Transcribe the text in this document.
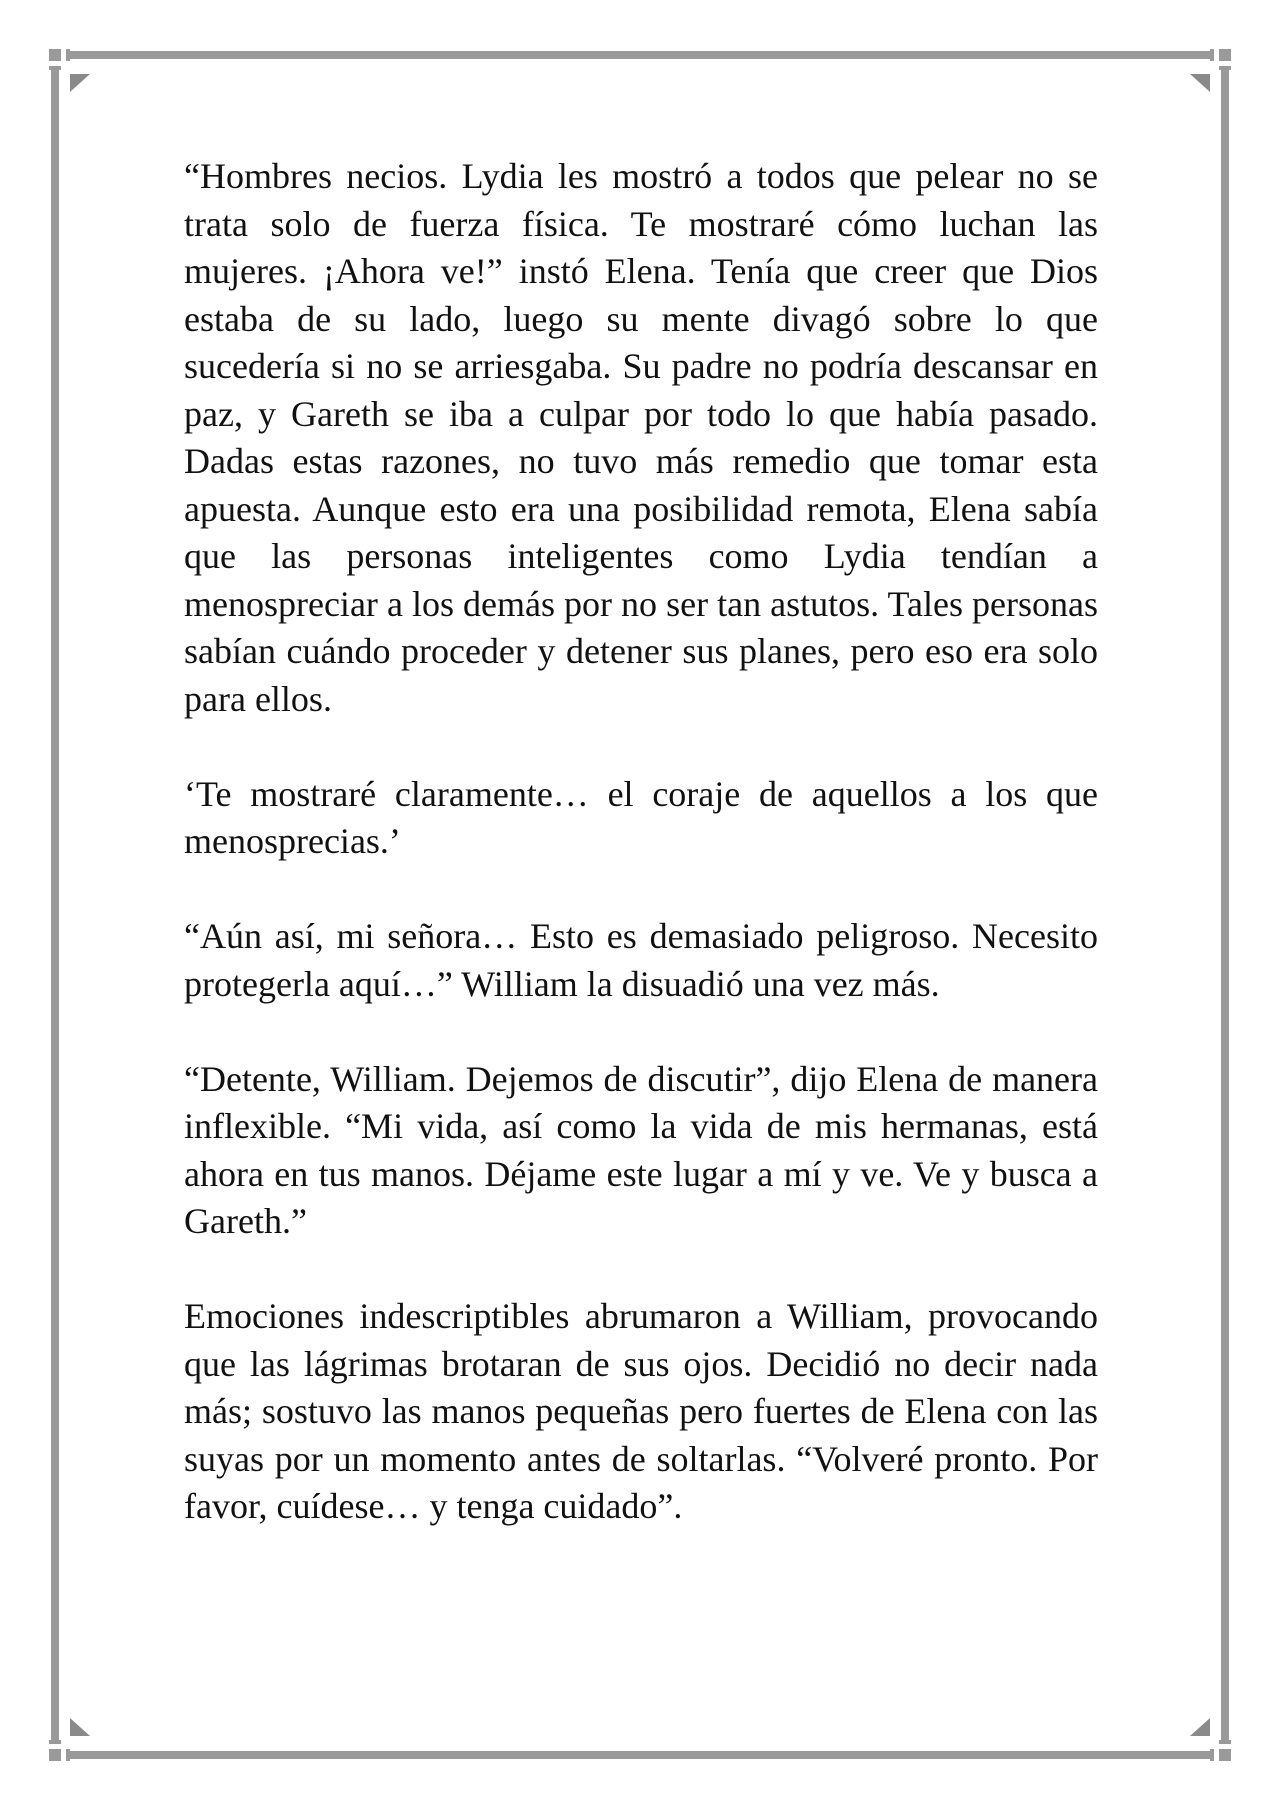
“Hombres necios. Lydia les mostró a todos que pelear no se trata solo de fuerza física. Te mostraré cómo luchan las mujeres. ¡Ahora ve!” instó Elena. Tenía que creer que Dios estaba de su lado, luego su mente divagó sobre lo que sucedería si no se arriesgaba. Su padre no podría descansar en paz, y Gareth se iba a culpar por todo lo que había pasado. Dadas estas razones, no tuvo más remedio que tomar esta apuesta. Aunque esto era una posibilidad remota, Elena sabía que las personas inteligentes como Lydia tendían a menospreciar a los demás por no ser tan astutos. Tales personas sabían cuándo proceder y detener sus planes, pero eso era solo para ellos.

‘Te mostraré claramente… el coraje de aquellos a los que menosprecias.’

“Aún así, mi señora… Esto es demasiado peligroso. Necesito protegerla aquí…” William la disuadió una vez más.

“Detente, William. Dejemos de discutir”, dijo Elena de manera inflexible. “Mi vida, así como la vida de mis hermanas, está ahora en tus manos. Déjame este lugar a mí y ve. Ve y busca a Gareth.”

Emociones indescriptibles abrumaron a William, provocando que las lágrimas brotaran de sus ojos. Decidió no decir nada más; sostuvo las manos pequeñas pero fuertes de Elena con las suyas por un momento antes de soltarlas. “Volveré pronto. Por favor, cuídese… y tenga cuidado”.
